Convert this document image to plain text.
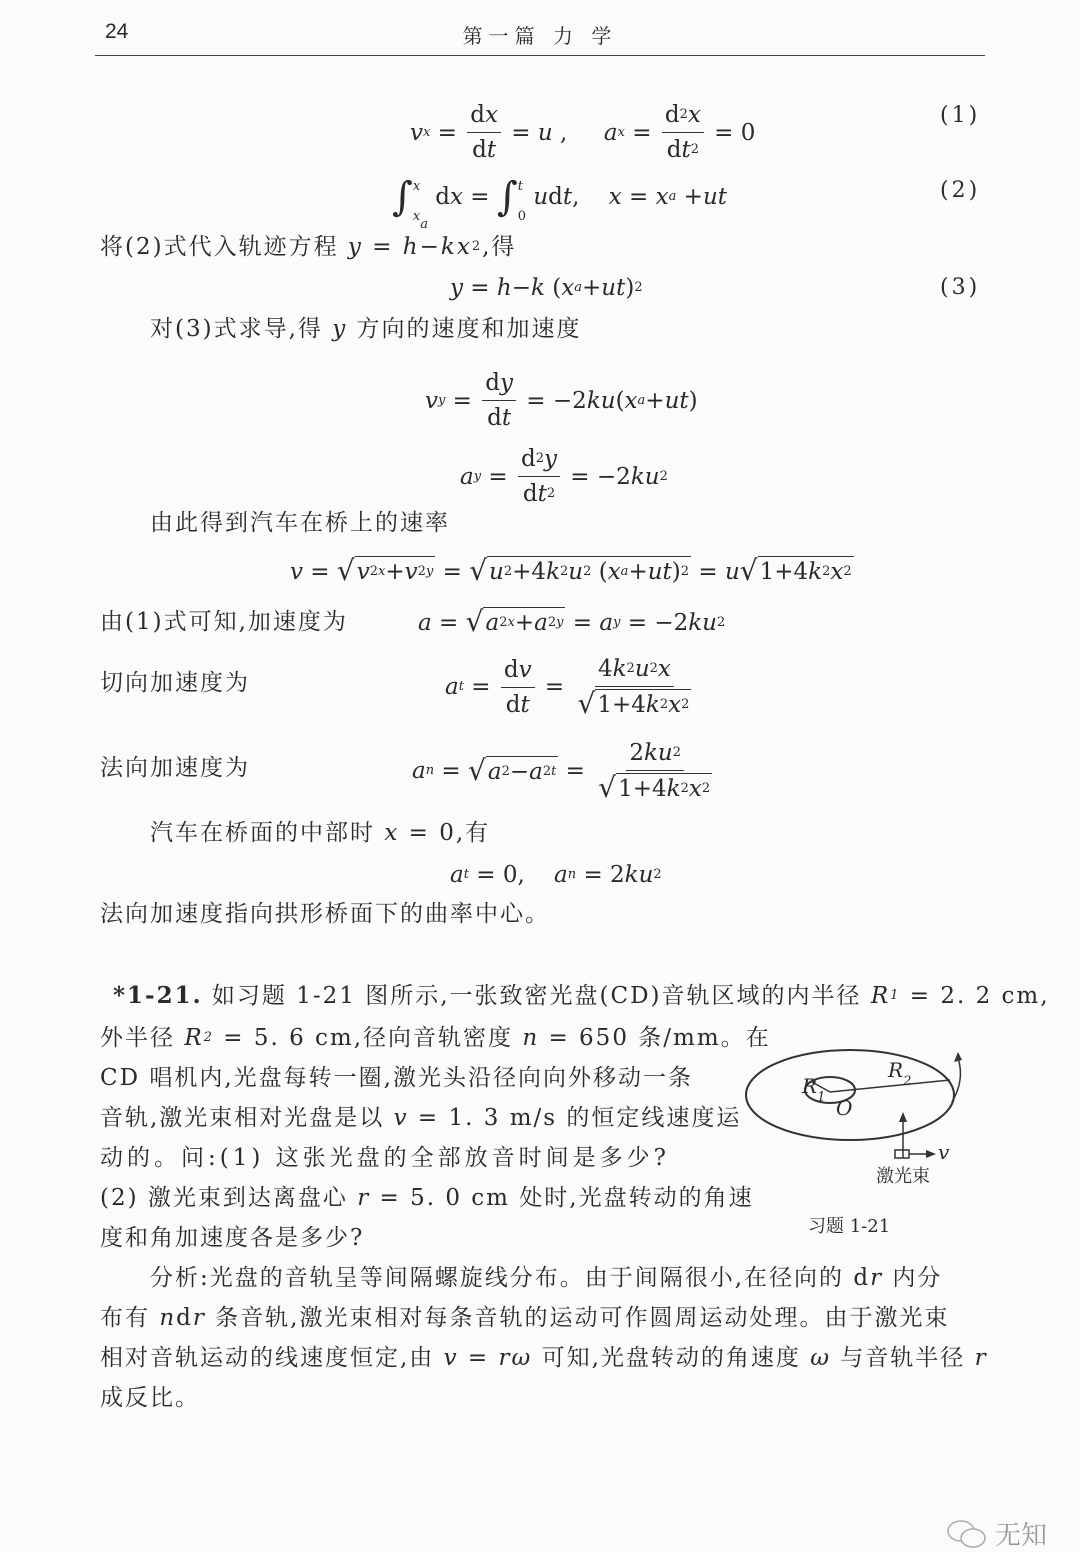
24	第一篇 力 学
v $x = \frac{\text{d x}}{\text{d t}} = u$ , a $x = \frac{d 2 x}{\text{d t 2}} = 0$
(1)
∫ x
xa
d x = ∫ t
0

u d t , x = x a + ut	(2)
将(2)式代入轨迹方程 y = h − kx 2 ,得
y = h − k ( x a + ut ) 2	(3)
对(3)式求导,得 y 方向的速度和加速度
v $y = \frac{\text{d y}}{\text{d t}} = -2$ ku ( x a + ut )
a $y = \frac{d 2 y}{\text{d t 2}} = -2$ ku 2
由此得到汽车在桥上的速率
v = √ v 2 x + v 2 y = √ u 2 +4 k 2 u 2 ( x a + ut ) 2 = u √ 1+4 k 2 x 2
由(1)式可知,加速度为	a = √ a 2 x + a 2 y = a y = −2 ku 2
切向加速度为	a $t = \frac{\text{d v}}{\text{d t}} = \frac{4 k 2 u 2 x}{√ 1+4 k 2 x 2}$
法向加速度为	a n = √ a 2 − a 2 $t = \frac{2 ku 2}{√ 1+4 k 2 x 2}$
汽车在桥面的中部时 x = 0,有
a t = 0, a n = 2 ku 2
法向加速度指向拱形桥面下的曲率中心。
*1-21. 如习题 1-21 图所示,一张致密光盘(CD)音轨区域的内半径 R 1 = 2. 2 cm,
外半径 R 2 = 5. 6 cm,径向音轨密度 n = 650 条/mm。在
CD 唱机内,光盘每转一圈,激光头沿径向向外移动一条
音轨,激光束相对光盘是以 v = 1. 3 m/s 的恒定线速度运
动的。问:(1) 这张光盘的全部放音时间是多少?
(2) 激光束到达离盘心 r = 5. 0 cm 处时,光盘转动的角速
度和角加速度各是多少?
分析:光盘的音轨呈等间隔螺旋线分布。由于间隔很小,在径向的 d r 内分
布有 n d r 条音轨,激光束相对每条音轨的运动可作圆周运动处理。由于激光束
相对音轨运动的线速度恒定,由 v = rω 可知,光盘转动的角速度 ω 与音轨半径 r
成反比。
$R_1$
$R_2$
O
v
激光束
习题 1-21
无知
